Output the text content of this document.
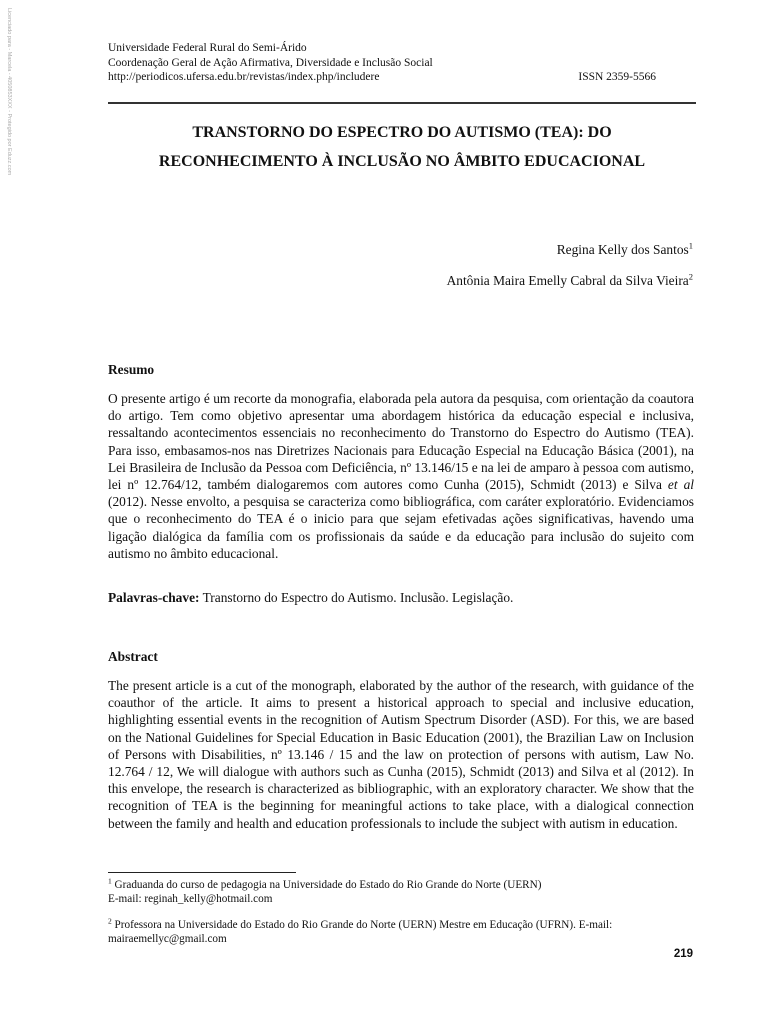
Licenciado para - Marcela - 4050853XXX - Protegido por Eduzz.com	Universidade Federal Rural do Semi-Árido
Coordenação Geral de Ação Afirmativa, Diversidade e Inclusão Social
http://periodicos.ufersa.edu.br/revistas/index.php/includere	ISSN 2359-5566
TRANSTORNO DO ESPECTRO DO AUTISMO (TEA): DO
RECONHECIMENTO À INCLUSÃO NO ÂMBITO EDUCACIONAL
Regina Kelly dos Santos$^1$
Antônia Maira Emelly Cabral da Silva Vieira$^2$
Resumo
O presente artigo é um recorte da monografia, elaborada pela autora da pesquisa, com orientação da coautora do artigo. Tem como objetivo apresentar uma abordagem histórica da educação especial e inclusiva, ressaltando acontecimentos essenciais no reconhecimento do Transtorno do Espectro do Autismo (TEA). Para isso, embasamos-nos nas Diretrizes Nacionais para Educação Especial na Educação Básica (2001), na Lei Brasileira de Inclusão da Pessoa com Deficiência, nº 13.146/15 e na lei de amparo à pessoa com autismo, lei nº 12.764/12, também dialogaremos com autores como Cunha (2015), Schmidt (2013) e Silva et al (2012). Nesse envolto, a pesquisa se caracteriza como bibliográfica, com caráter exploratório. Evidenciamos que o reconhecimento do TEA é o inicio para que sejam efetivadas ações significativas, havendo uma ligação dialógica da família com os profissionais da saúde e da educação para inclusão do sujeito com autismo no âmbito educacional.
Palavras-chave: Transtorno do Espectro do Autismo. Inclusão. Legislação.
Abstract
The present article is a cut of the monograph, elaborated by the author of the research, with guidance of the coauthor of the article. It aims to present a historical approach to special and inclusive education, highlighting essential events in the recognition of Autism Spectrum Disorder (ASD). For this, we are based on the National Guidelines for Special Education in Basic Education (2001), the Brazilian Law on Inclusion of Persons with Disabilities, nº 13.146 / 15 and the law on protection of persons with autism, Law No. 12.764 / 12, We will dialogue with authors such as Cunha (2015), Schmidt (2013) and Silva et al (2012). In this envelope, the research is characterized as bibliographic, with an exploratory character. We show that the recognition of TEA is the beginning for meaningful actions to take place, with a dialogical connection between the family and health and education professionals to include the subject with autism in education.
$^1$ Graduanda do curso de pedagogia na Universidade do Estado do Rio Grande do Norte (UERN)
E-mail: reginah_kelly@hotmail.com
$^2$ Professora na Universidade do Estado do Rio Grande do Norte (UERN) Mestre em Educação (UFRN). E-mail:
mairaemellyc@gmail.com
219
